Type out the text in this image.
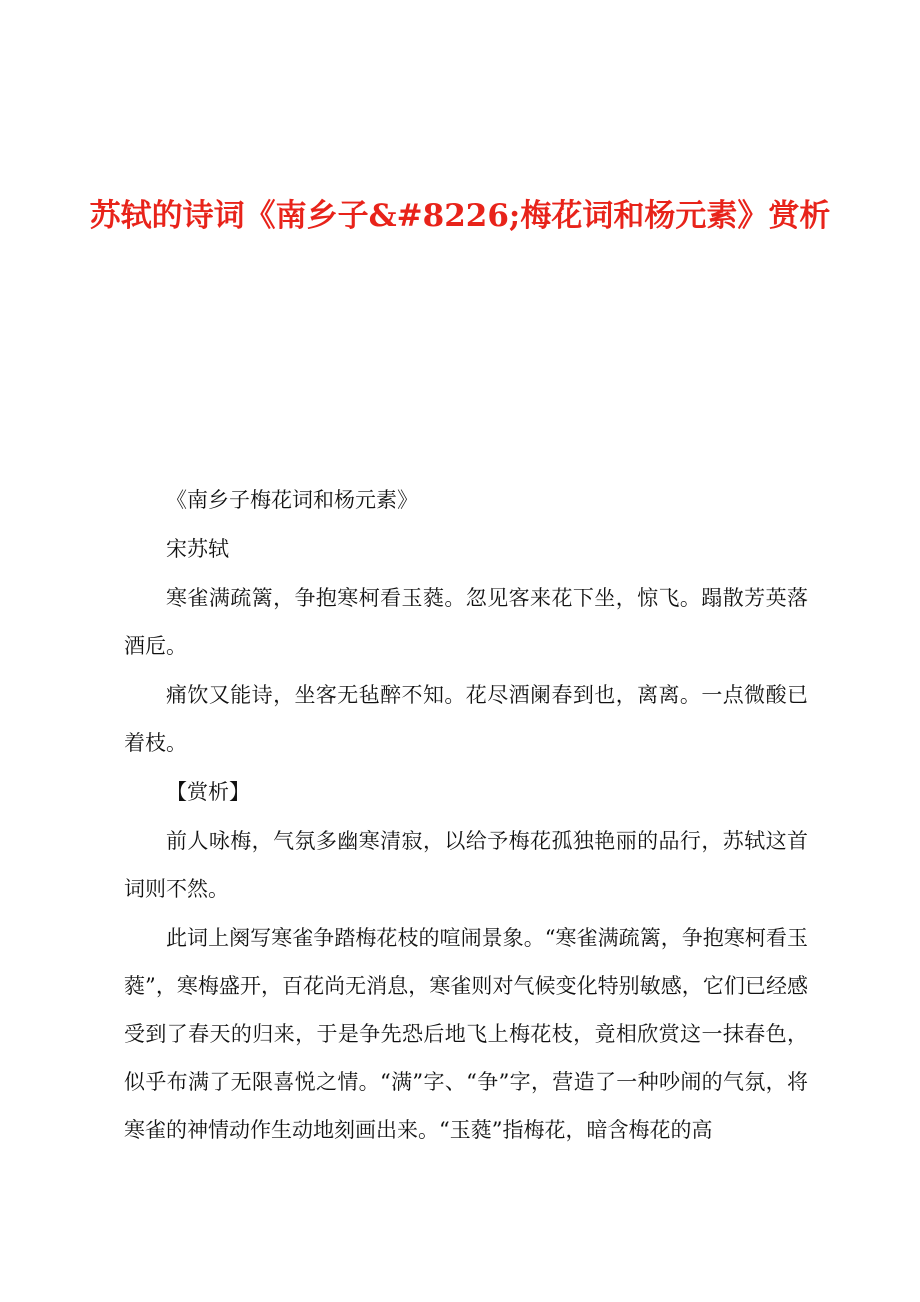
苏轼的诗词《南乡子&#8226;梅花词和杨元素》赏析

《南乡子梅花词和杨元素》

宋苏轼

寒雀满疏篱，争抱寒柯看玉蕤。忽见客来花下坐，惊飞。蹋散芳英落酒卮。

痛饮又能诗，坐客无毡醉不知。花尽酒阑春到也，离离。一点微酸已着枝。

【赏析】

前人咏梅，气氛多幽寒清寂，以给予梅花孤独艳丽的品行，苏轼这首词则不然。

此词上阕写寒雀争踏梅花枝的喧闹景象。“寒雀满疏篱，争抱寒柯看玉蕤”，寒梅盛开，百花尚无消息，寒雀则对气候变化特别敏感，它们已经感受到了春天的归来，于是争先恐后地飞上梅花枝，竟相欣赏这一抹春色，似乎布满了无限喜悦之情。“满”字、“争”字，营造了一种吵闹的气氛，将寒雀的神情动作生动地刻画出来。“玉蕤”指梅花，暗含梅花的高
